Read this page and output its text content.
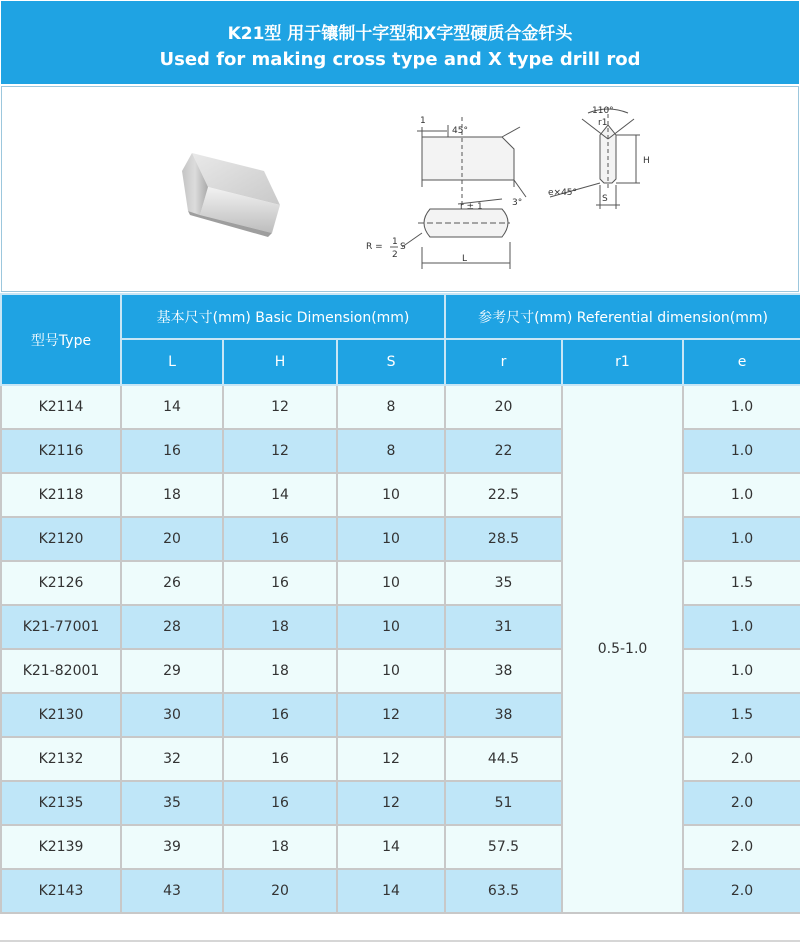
K21型 用于镶制十字型和X字型硬质合金钎头
Used for making cross type and X type drill rod
1
45°
110°
r1
H
S
e×45°
r ± 1	3°
R = 1
2
S
L
型号Type	基本尺寸(mm) Basic Dimension(mm)			参考尺寸(mm) Referential dimension(mm)		
	L	H	S	r	r1	e
K2114	14	12	8	20	0.5-1.0	1.0
K2116	16	12	8	22		1.0
K2118	18	14	10	22.5		1.0
K2120	20	16	10	28.5		1.0
K2126	26	16	10	35		1.5
K21-77001	28	18	10	31		1.0
K21-82001	29	18	10	38		1.0
K2130	30	16	12	38		1.5
K2132	32	16	12	44.5		2.0
K2135	35	16	12	51		2.0
K2139	39	18	14	57.5		2.0
K2143	43	20	14	63.5		2.0
